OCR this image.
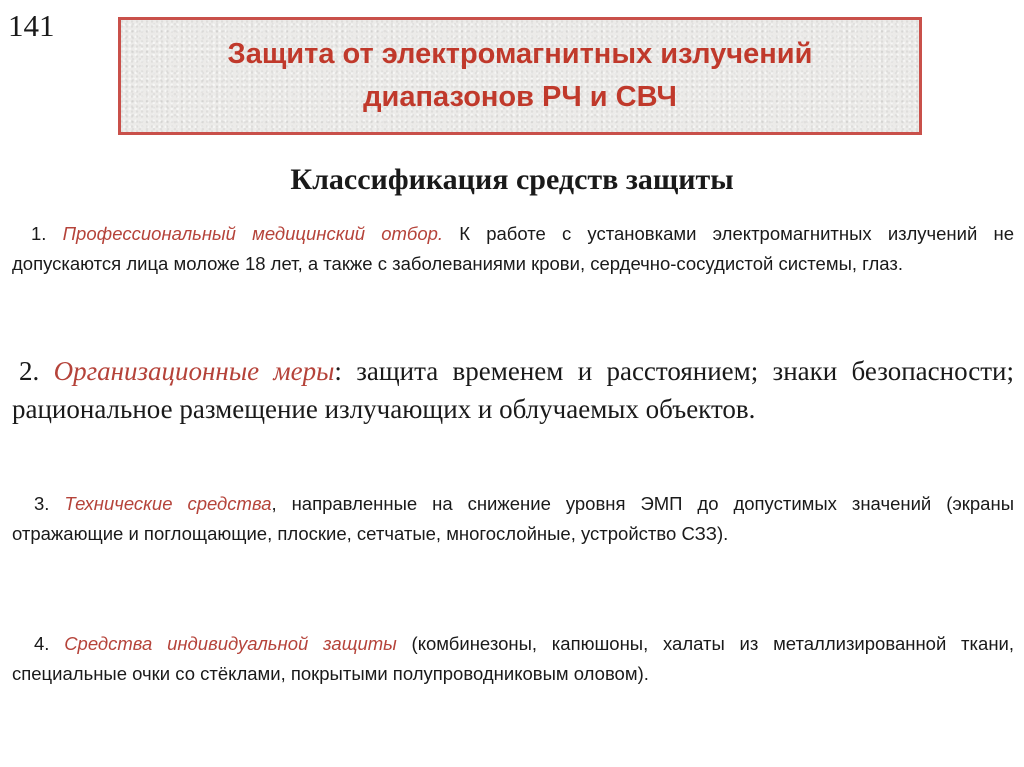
141
Защита от электромагнитных излучений
диапазонов РЧ и СВЧ
Классификация средств защиты

1. Профессиональный медицинский отбор. К работе с установками электромагнитных излучений не допускаются лица моложе 18 лет, а также с заболеваниями крови, сердечно-сосудистой системы, глаз.

2. Организационные меры: защита временем и расстоянием; знаки безопасности; рациональное размещение излучающих и облучаемых объектов.

3. Технические средства, направленные на снижение уровня ЭМП до допустимых значений (экраны отражающие и поглощающие, плоские, сетчатые, многослойные, устройство СЗЗ).

4. Средства индивидуальной защиты (комбинезоны, капюшоны, халаты из металлизированной ткани, специальные очки со стёклами, покрытыми полупроводниковым оловом).
